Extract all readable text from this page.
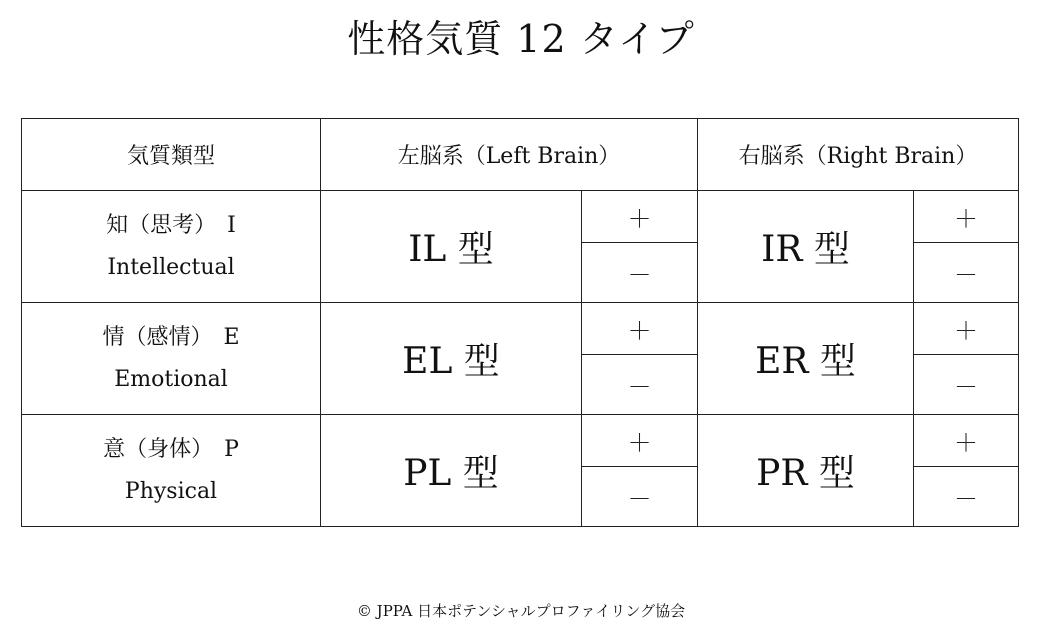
性格気質 12 タイプ
気質類型	左脳系（Left Brain）		右脳系（Right Brain）	

知（思考）　I
Intellectual	IL 型	＋	IR 型	＋
		－		－

情（感情）　E
Emotional	EL 型	＋	ER 型	＋
		－		－

意（身体）　P
Physical	PL 型	＋	PR 型	＋
		－		－
© JPPA 日本ポテンシャルプロファイリング協会
